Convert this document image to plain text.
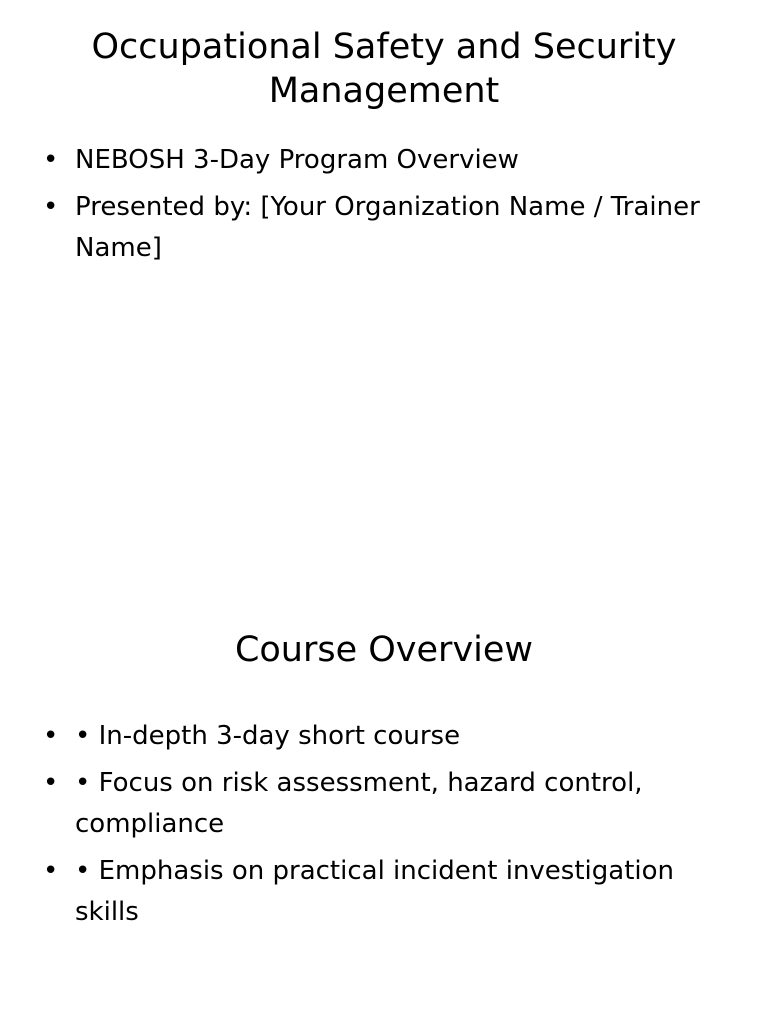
Occupational Safety and Security Management
• NEBOSH 3-Day Program Overview
• Presented by: [Your Organization Name / Trainer Name]
Course Overview
• • In-depth 3-day short course
• • Focus on risk assessment, hazard control, compliance
• • Emphasis on practical incident investigation skills
